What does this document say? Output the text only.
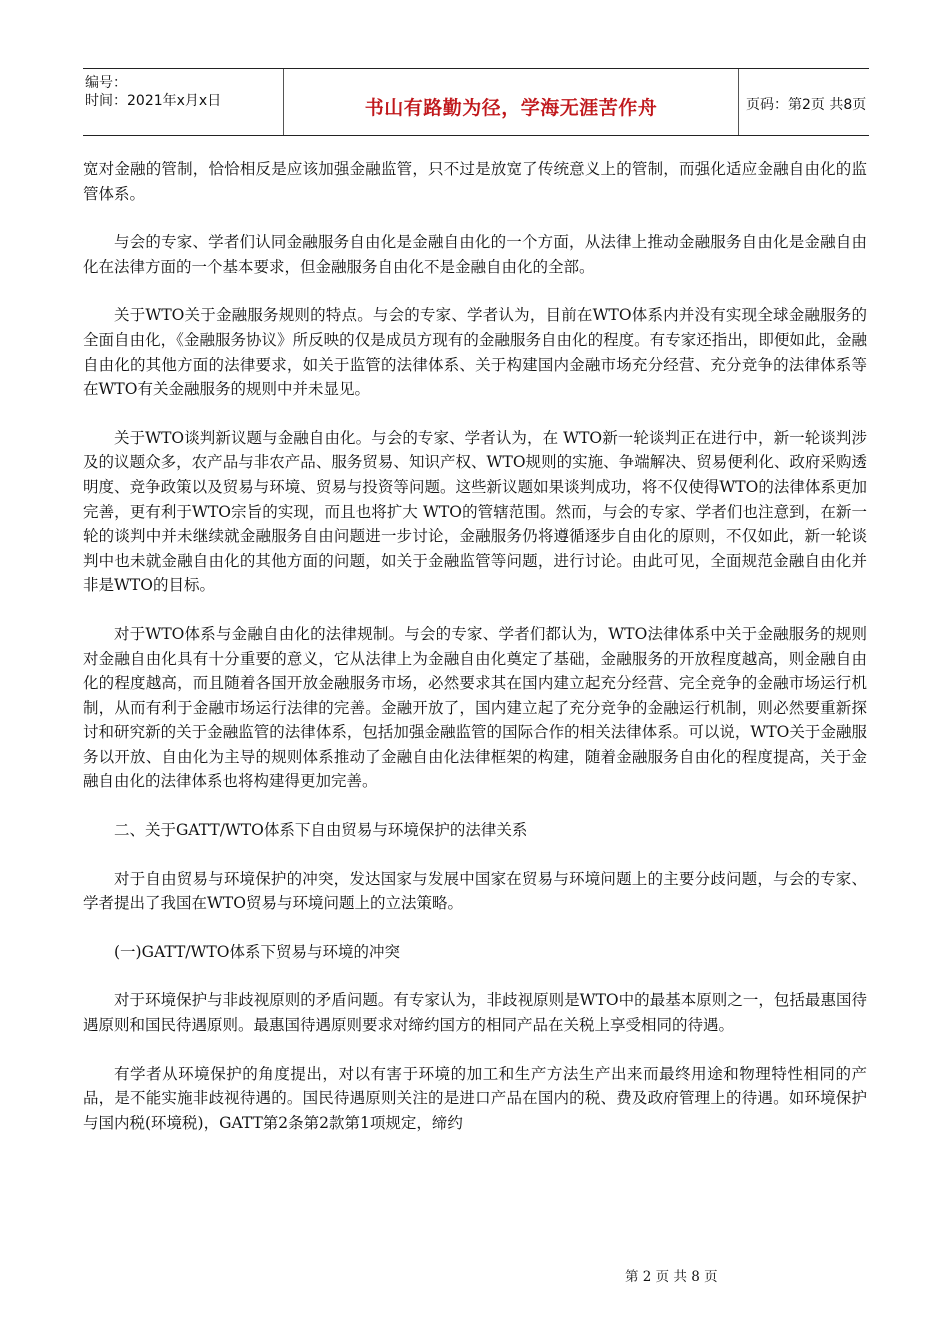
编号：
时间：2021年x月x日	书山有路勤为径，学海无涯苦作舟	页码：第2页 共8页

宽对金融的管制，恰恰相反是应该加强金融监管，只不过是放宽了传统意义上的管制，而强化适应金融自由化的监管体系。

与会的专家、学者们认同金融服务自由化是金融自由化的一个方面，从法律上推动金融服务自由化是金融自由化在法律方面的一个基本要求，但金融服务自由化不是金融自由化的全部。

关于WTO关于金融服务规则的特点。与会的专家、学者认为，目前在WTO体系内并没有实现全球金融服务的全面自由化，《金融服务协议》所反映的仅是成员方现有的金融服务自由化的程度。有专家还指出，即便如此，金融自由化的其他方面的法律要求，如关于监管的法律体系、关于构建国内金融市场充分经营、充分竞争的法律体系等在WTO有关金融服务的规则中并未显见。

关于WTO谈判新议题与金融自由化。与会的专家、学者认为，在 WTO新一轮谈判正在进行中，新一轮谈判涉及的议题众多，农产品与非农产品、服务贸易、知识产权、WTO规则的实施、争端解决、贸易便利化、政府采购透明度、竞争政策以及贸易与环境、贸易与投资等问题。这些新议题如果谈判成功，将不仅使得WTO的法律体系更加完善，更有利于WTO宗旨的实现，而且也将扩大 WTO的管辖范围。然而，与会的专家、学者们也注意到，在新一轮的谈判中并未继续就金融服务自由问题进一步讨论，金融服务仍将遵循逐步自由化的原则，不仅如此，新一轮谈判中也未就金融自由化的其他方面的问题，如关于金融监管等问题，进行讨论。由此可见，全面规范金融自由化并非是WTO的目标。

对于WTO体系与金融自由化的法律规制。与会的专家、学者们都认为，WTO法律体系中关于金融服务的规则对金融自由化具有十分重要的意义，它从法律上为金融自由化奠定了基础，金融服务的开放程度越高，则金融自由化的程度越高，而且随着各国开放金融服务市场，必然要求其在国内建立起充分经营、完全竞争的金融市场运行机制，从而有利于金融市场运行法律的完善。金融开放了，国内建立起了充分竞争的金融运行机制，则必然要重新探讨和研究新的关于金融监管的法律体系，包括加强金融监管的国际合作的相关法律体系。可以说，WTO关于金融服务以开放、自由化为主导的规则体系推动了金融自由化法律框架的构建，随着金融服务自由化的程度提高，关于金融自由化的法律体系也将构建得更加完善。

二、关于GATT/WTO体系下自由贸易与环境保护的法律关系

对于自由贸易与环境保护的冲突，发达国家与发展中国家在贸易与环境问题上的主要分歧问题，与会的专家、学者提出了我国在WTO贸易与环境问题上的立法策略。

(一)GATT/WTO体系下贸易与环境的冲突

对于环境保护与非歧视原则的矛盾问题。有专家认为，非歧视原则是WTO中的最基本原则之一，包括最惠国待遇原则和国民待遇原则。最惠国待遇原则要求对缔约国方的相同产品在关税上享受相同的待遇。

有学者从环境保护的角度提出，对以有害于环境的加工和生产方法生产出来而最终用途和物理特性相同的产品，是不能实施非歧视待遇的。国民待遇原则关注的是进口产品在国内的税、费及政府管理上的待遇。如环境保护与国内税(环境税)，GATT第2条第2款第1项规定，缔约

第 2 页 共 8 页
